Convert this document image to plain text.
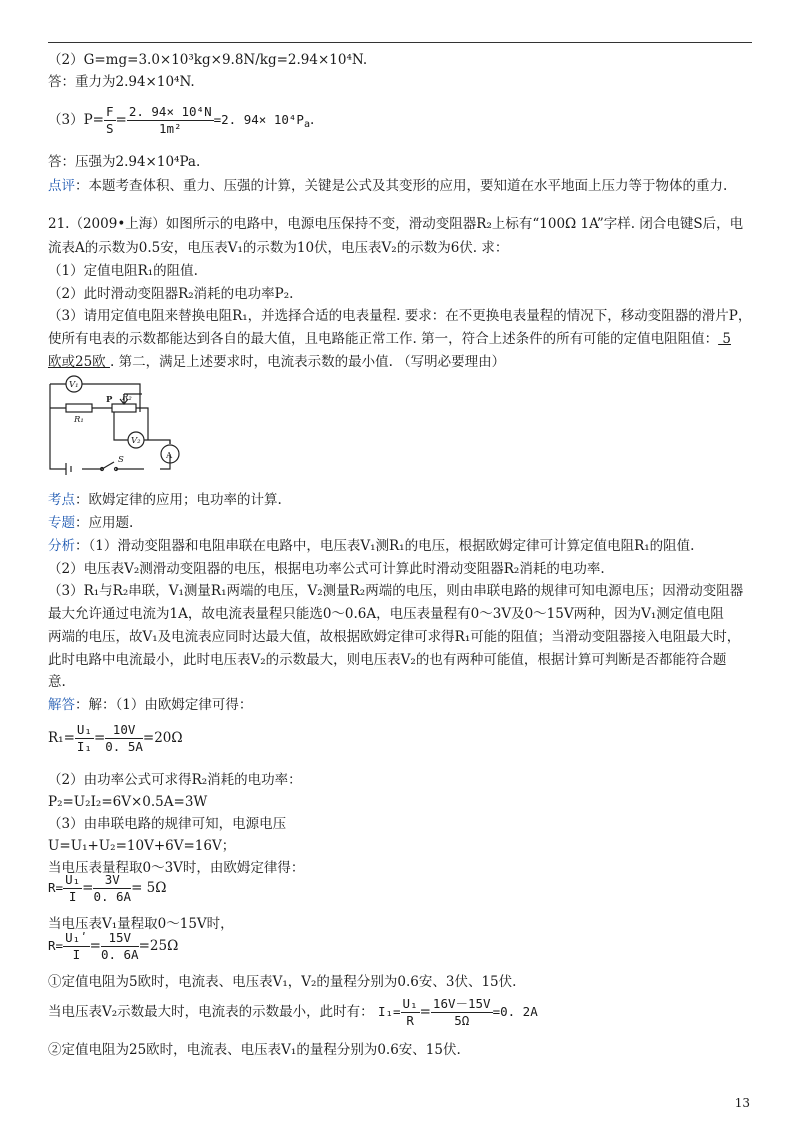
（2）G=mg=3.0×10³kg×9.8N/kg=2.94×10⁴N.
答：重力为2.94×10⁴N.
$(3)P= \frac{F}{S} = \frac{\text{2. 94× 10⁴N}}{\text{1m²}} =2$. $94\times 10^4P_a$.
答：压强为2.94×10⁴Pa.
点评：本题考查体积、重力、压强的计算，关键是公式及其变形的应用，要知道在水平地面上压力等于物体的重力.
21.（2009•上海）如图所示的电路中，电源电压保持不变，滑动变阻器R₂上标有“100Ω 1A”字样. 闭合电键S后，电
流表A的示数为0.5安，电压表V₁的示数为10伏，电压表V₂的示数为6伏. 求：
（1）定值电阻R₁的阻值.
（2）此时滑动变阻器R₂消耗的电功率P₂.
（3）请用定值电阻来替换电阻R₁，并选择合适的电表量程. 要求：在不更换电表量程的情况下，移动变阻器的滑片P，
使所有电表的示数都能达到各自的最大值，且电路能正常工作. 第一，符合上述条件的所有可能的定值电阻阻值： 5
欧或25欧 . 第二，满足上述要求时，电流表示数的最小值. （写明必要理由）
V₁
V₂
A
P R₂
R₁
S
考点：欧姆定律的应用；电功率的计算.
专题：应用题.
分析：（1）滑动变阻器和电阻串联在电路中，电压表V₁测R₁的电压，根据欧姆定律可计算定值电阻R₁的阻值.
（2）电压表V₂测滑动变阻器的电压，根据电功率公式可计算此时滑动变阻器R₂消耗的电功率.
（3）R₁与R₂串联，V₁测量R₁两端的电压，V₂测量R₂两端的电压，则由串联电路的规律可知电源电压；因滑动变阻器
最大允许通过电流为1A，故电流表量程只能选0～0.6A，电压表量程有0～3V及0～15V两种，因为V₁测定值电阻
两端的电压，故V₁及电流表应同时达最大值，故根据欧姆定律可求得R₁可能的阻值；当滑动变阻器接入电阻最大时，
此时电路中电流最小，此时电压表V₂的示数最大，则电压表V₂的也有两种可能值，根据计算可判断是否都能符合题
意.
解答：解：（1）由欧姆定律可得：
$R_1= \frac{\text{U₁}}{\text{I₁}} = \frac{10V}{0. 5A} =20\Omega$
（2）由功率公式可求得R₂消耗的电功率：
P₂=U₂I₂=6V×0.5A=3W
（3）由串联电路的规律可知，电源电压
U=U₁+U₂=10V+6V=16V；
当电压表量程取0～3V时，由欧姆定律得：
$R= \frac{\text{U₁}}{I} = \frac{3V}{0. 6A} = 5\Omega$
当电压表V₁量程取0～15V时，
$R= \frac{\text{U₁ʹ}}{I} = \frac{15V}{0. 6A} =25\Omega$
①定值电阻为5欧时，电流表、电压表V₁，V₂的量程分别为0.6安、3伏、15伏.
当电压表V₂示数最大时，电流表的示数最小，此时有： $I_1= \frac{\text{U₁}}{R} = \frac{16V-15V}{5\Omega} =0$. 2A
②定值电阻为25欧时，电流表、电压表V₁的量程分别为0.6安、15伏.
13
